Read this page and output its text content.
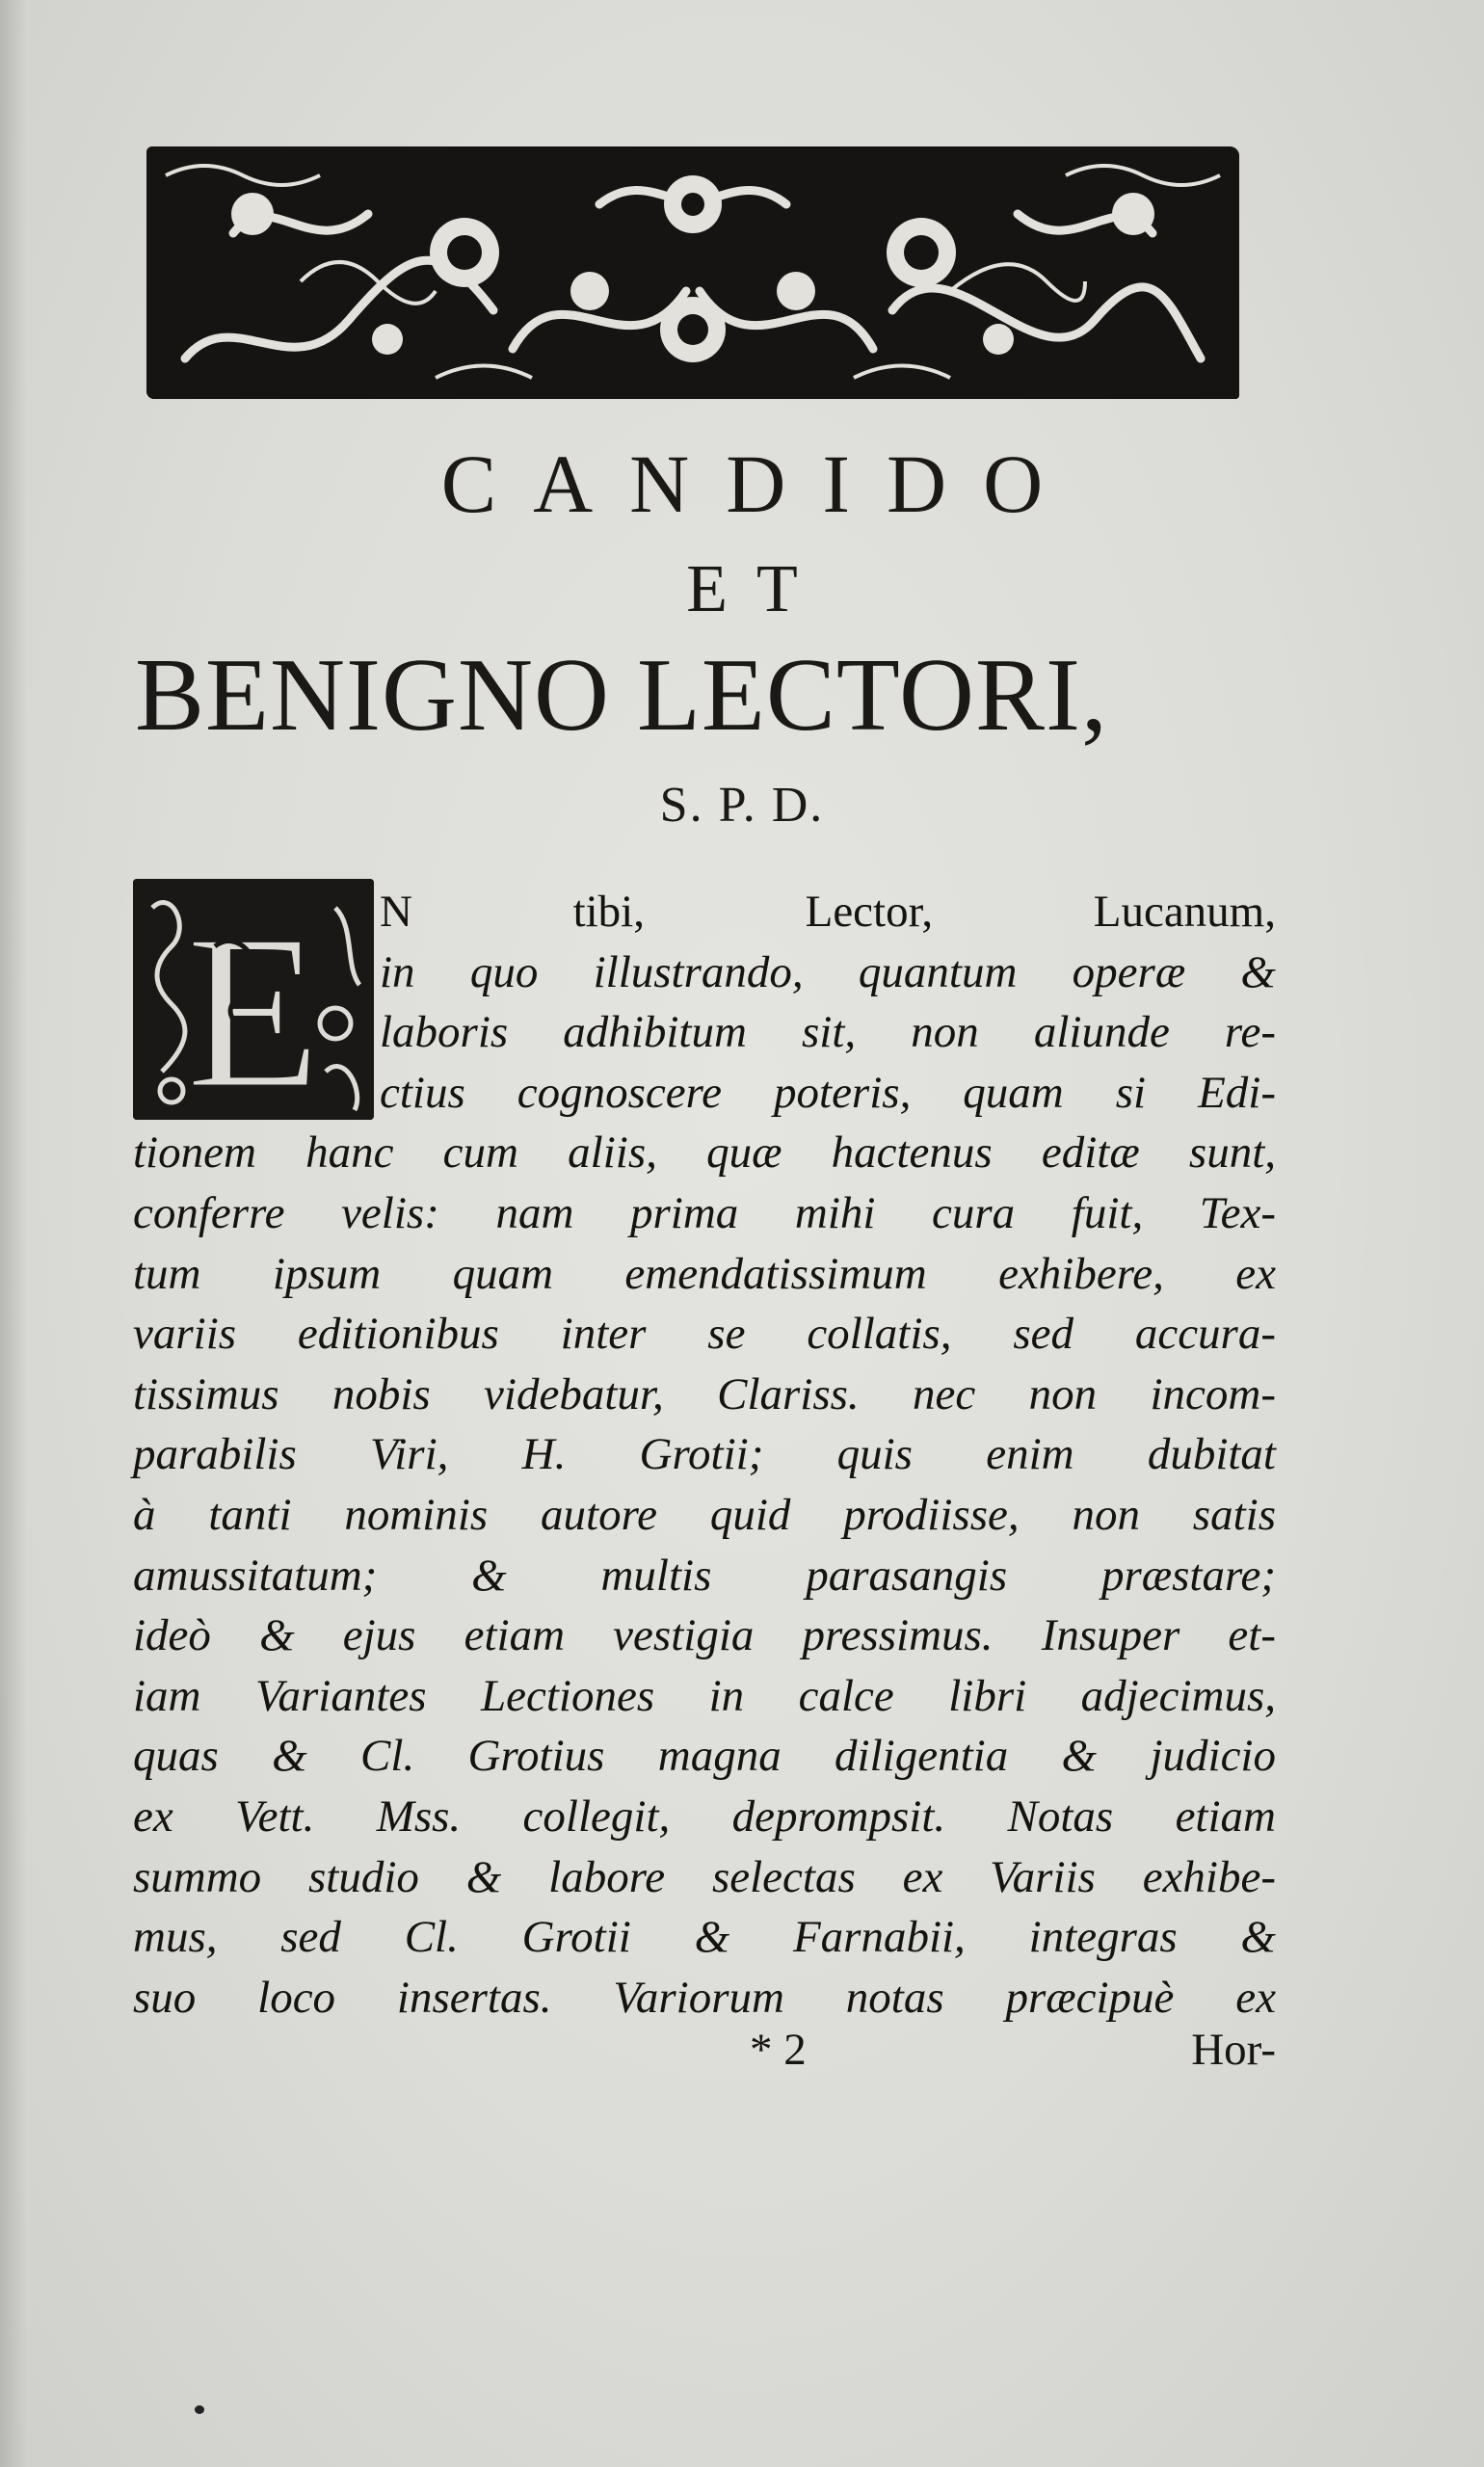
CANDIDO
ET
BENIGNO LECTORI,
S. P. D.
E	N tibi, Lector, Lucanum,
in quo illustrando, quantum operæ &
laboris adhibitum sit, non aliunde re-
ctius cognoscere poteris, quam si Edi-
tionem hanc cum aliis, quæ hactenus editæ sunt,
conferre velis: nam prima mihi cura fuit, Tex-
tum ipsum quam emendatissimum exhibere, ex
variis editionibus inter se collatis, sed accura-
tissimus nobis videbatur, Clariss. nec non incom-
parabilis Viri, H. Grotii; quis enim dubitat
à tanti nominis autore quid prodiisse, non satis
amussitatum; & multis parasangis præstare;
ideò & ejus etiam vestigia pressimus. Insuper et-
iam Variantes Lectiones in calce libri adjecimus,
quas & Cl. Grotius magna diligentia & judicio
ex Vett. Mss. collegit, deprompsit. Notas etiam
summo studio & labore selectas ex Variis exhibe-
mus, sed Cl. Grotii & Farnabii, integras &
suo loco insertas. Variorum notas præcipuè ex
* 2	Hor-
